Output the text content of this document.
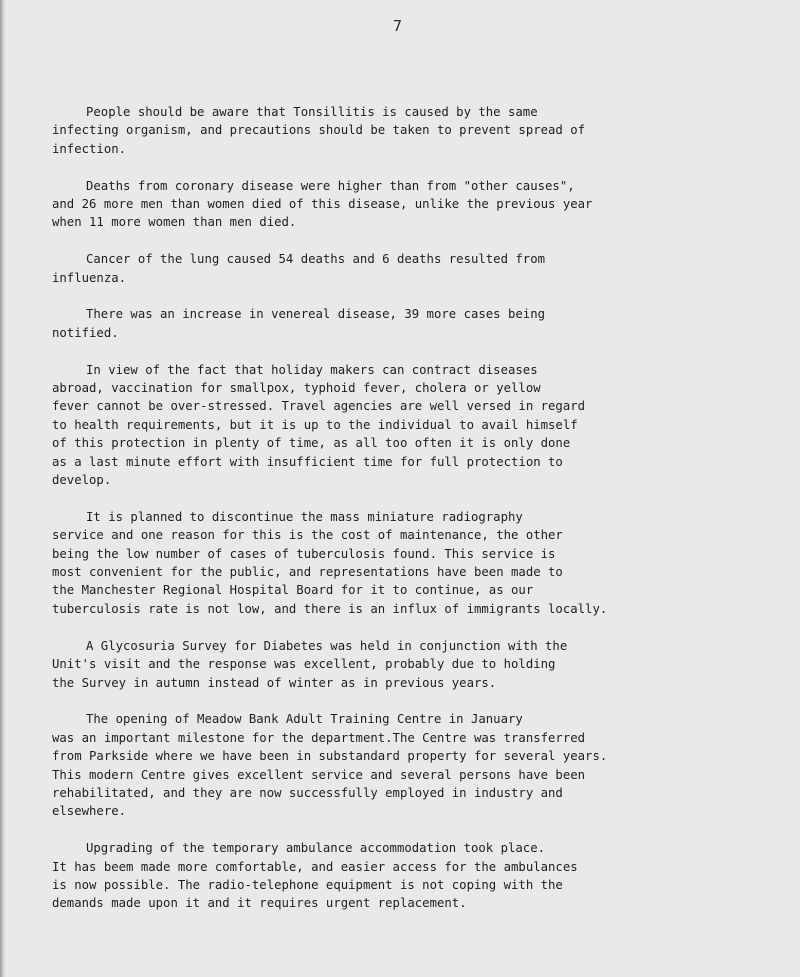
7

People should be aware that Tonsillitis is caused by the same
infecting organism, and precautions should be taken to prevent spread of
infection.

Deaths from coronary disease were higher than from "other causes",
and 26 more men than women died of this disease, unlike the previous year
when 11 more women than men died.

Cancer of the lung caused 54 deaths and 6 deaths resulted from
influenza.

There was an increase in venereal disease, 39 more cases being
notified.

In view of the fact that holiday makers can contract diseases
abroad, vaccination for smallpox, typhoid fever, cholera or yellow
fever cannot be over-stressed. Travel agencies are well versed in regard
to health requirements, but it is up to the individual to avail himself
of this protection in plenty of time, as all too often it is only done
as a last minute effort with insufficient time for full protection to
develop.

It is planned to discontinue the mass miniature radiography
service and one reason for this is the cost of maintenance, the other
being the low number of cases of tuberculosis found. This service is
most convenient for the public, and representations have been made to
the Manchester Regional Hospital Board for it to continue, as our
tuberculosis rate is not low, and there is an influx of immigrants locally.

A Glycosuria Survey for Diabetes was held in conjunction with the
Unit's visit and the response was excellent, probably due to holding
the Survey in autumn instead of winter as in previous years.

The opening of Meadow Bank Adult Training Centre in January
was an important milestone for the department.The Centre was transferred
from Parkside where we have been in substandard property for several years.
This modern Centre gives excellent service and several persons have been
rehabilitated, and they are now successfully employed in industry and
elsewhere.

Upgrading of the temporary ambulance accommodation took place.
It has beem made more comfortable, and easier access for the ambulances
is now possible. The radio-telephone equipment is not coping with the
demands made upon it and it requires urgent replacement.
